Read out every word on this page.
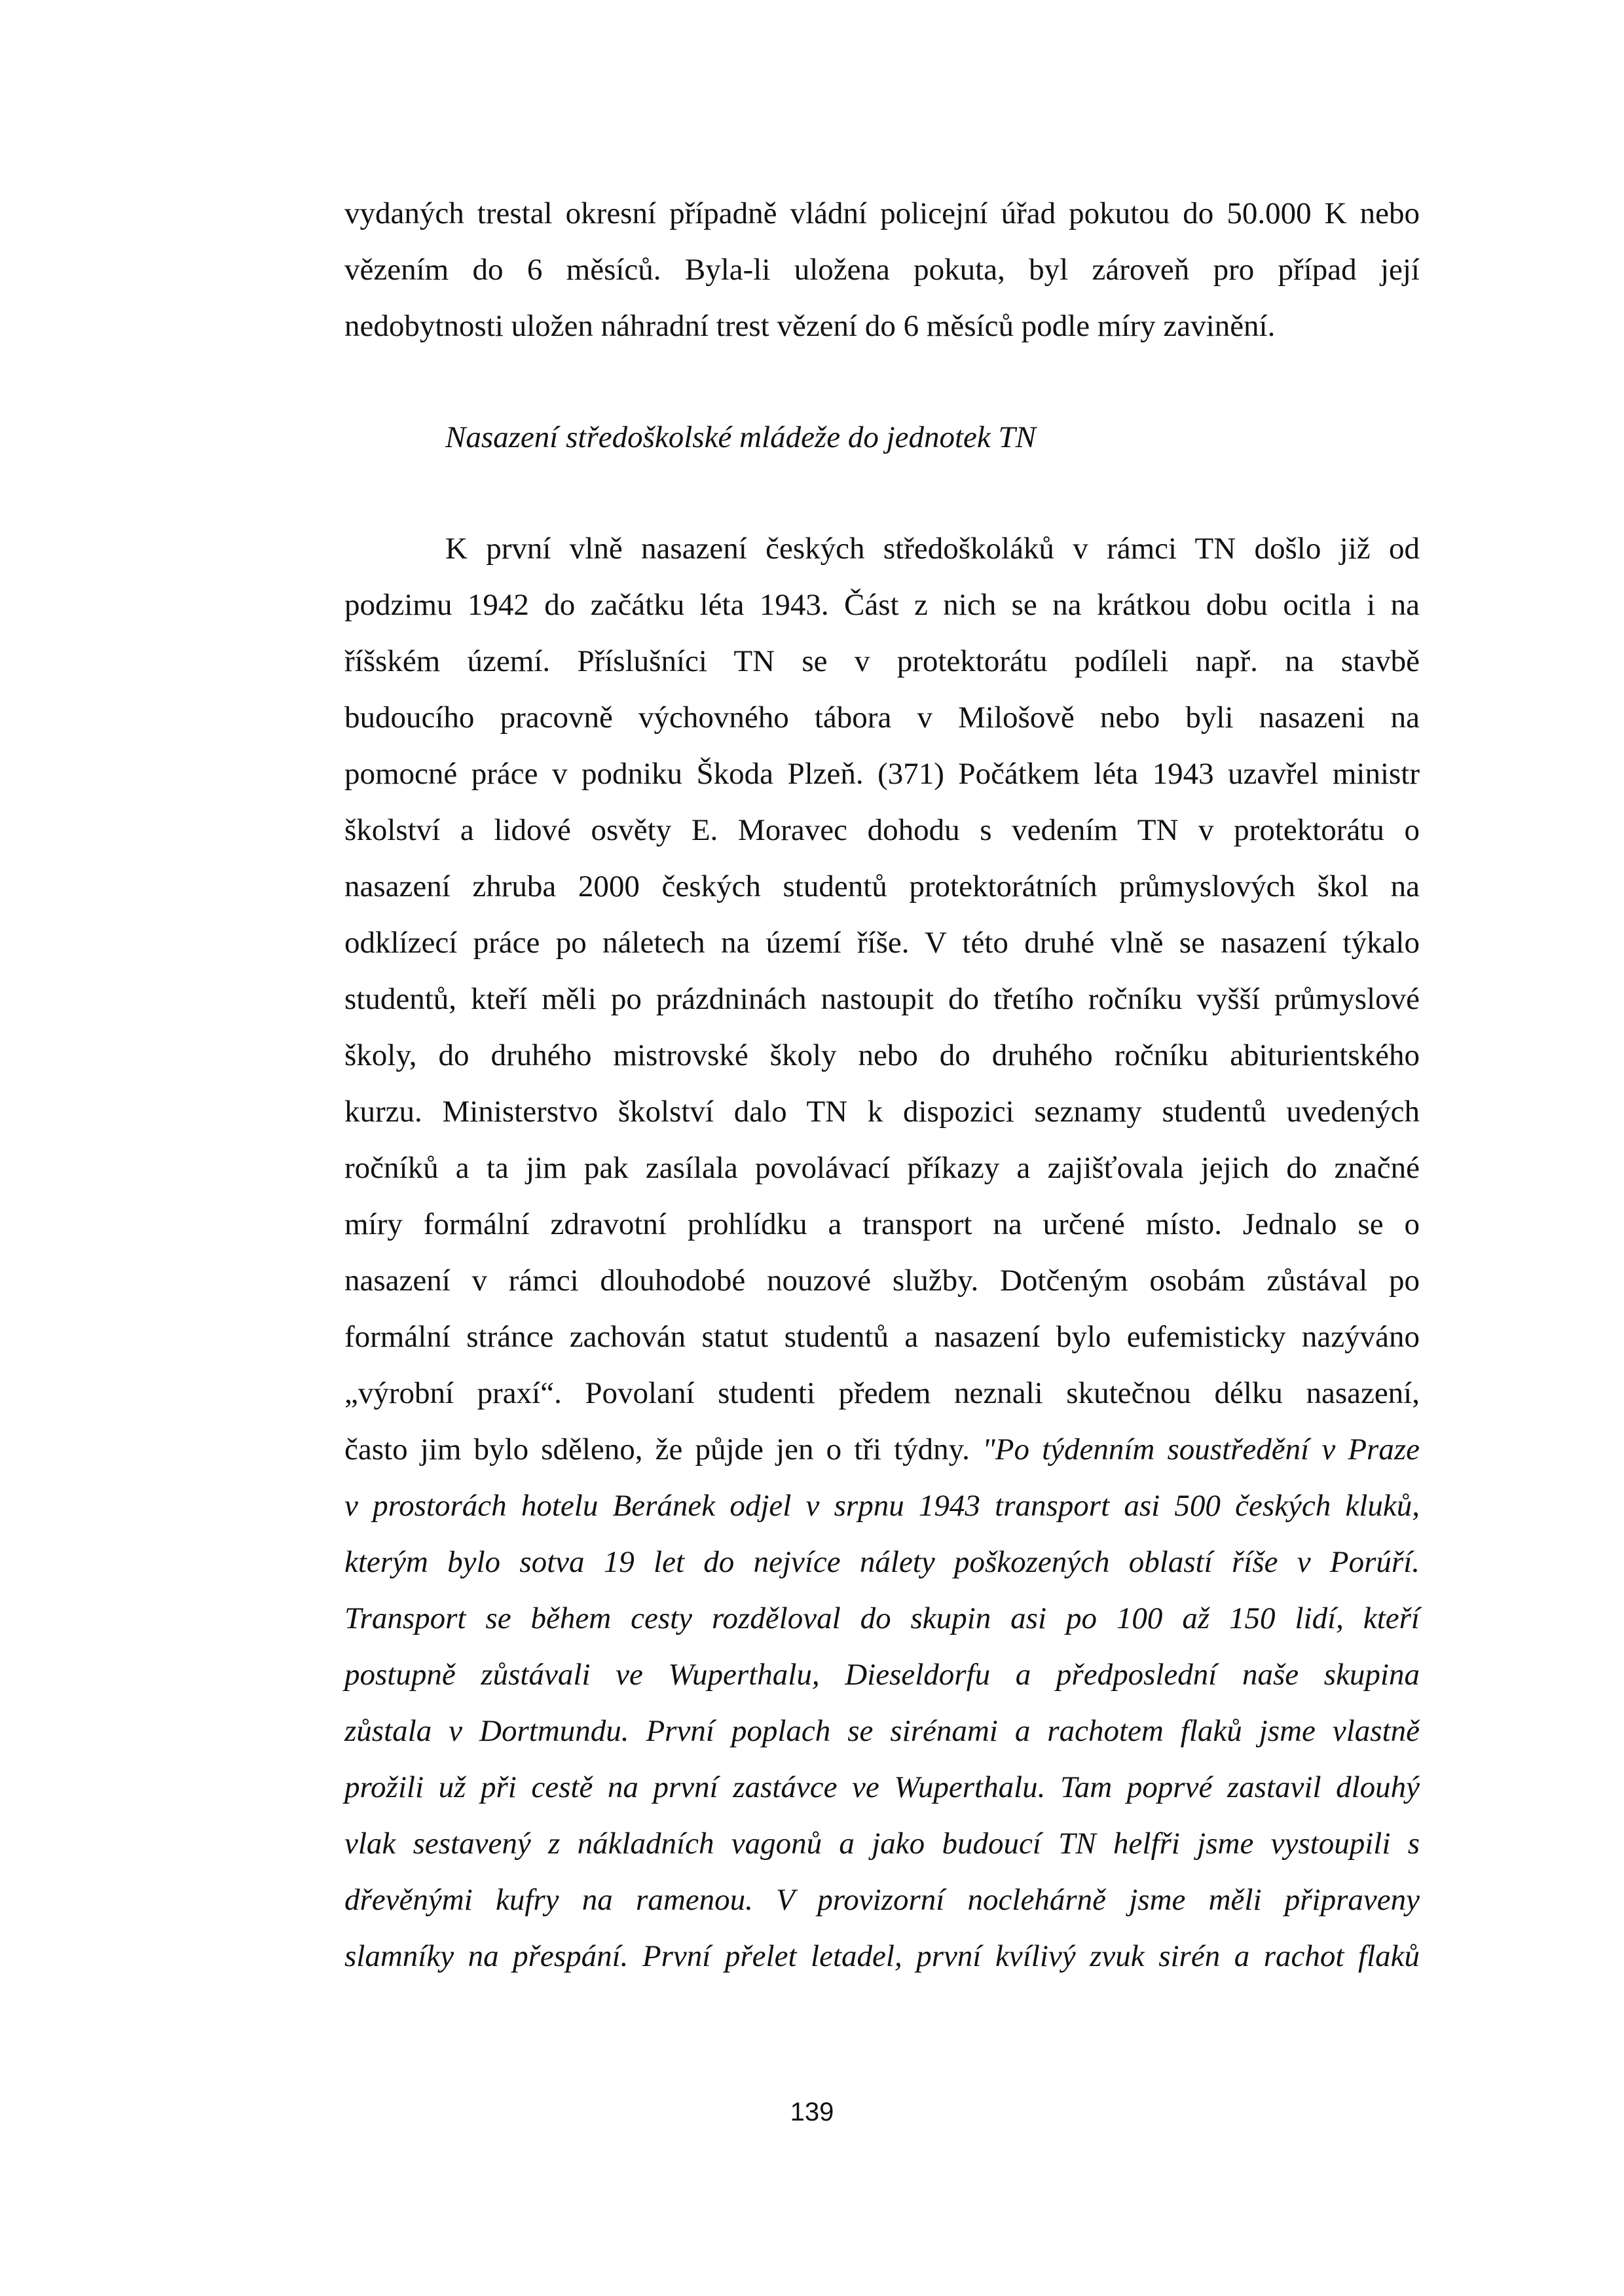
vydaných trestal okresní případně vládní policejní úřad pokutou do 50.000 K nebo
vězením do 6 měsíců. Byla-li uložena pokuta, byl zároveň pro případ její
nedobytnosti uložen náhradní trest vězení do 6 měsíců podle míry zavinění.
Nasazení středoškolské mládeže do jednotek TN
K první vlně nasazení českých středoškoláků v rámci TN došlo již od
podzimu 1942 do začátku léta 1943. Část z nich se na krátkou dobu ocitla i na
říšském území. Příslušníci TN se v protektorátu podíleli např. na stavbě
budoucího pracovně výchovného tábora v Milošově nebo byli nasazeni na
pomocné práce v podniku Škoda Plzeň. (371) Počátkem léta 1943 uzavřel ministr
školství a lidové osvěty E. Moravec dohodu s vedením TN v protektorátu o
nasazení zhruba 2000 českých studentů protektorátních průmyslových škol na
odklízecí práce po náletech na území říše. V této druhé vlně se nasazení týkalo
studentů, kteří měli po prázdninách nastoupit do třetího ročníku vyšší průmyslové
školy, do druhého mistrovské školy nebo do druhého ročníku abiturientského
kurzu. Ministerstvo školství dalo TN k dispozici seznamy studentů uvedených
ročníků a ta jim pak zasílala povolávací příkazy a zajišťovala jejich do značné
míry formální zdravotní prohlídku a transport na určené místo. Jednalo se o
nasazení v rámci dlouhodobé nouzové služby. Dotčeným osobám zůstával po
formální stránce zachován statut studentů a nasazení bylo eufemisticky nazýváno
„výrobní praxí“. Povolaní studenti předem neznali skutečnou délku nasazení,
často jim bylo sděleno, že půjde jen o tři týdny. "Po týdenním soustředění v Praze
v prostorách hotelu Beránek odjel v srpnu 1943 transport asi 500 českých kluků,
kterým bylo sotva 19 let do nejvíce nálety poškozených oblastí říše v Porúří.
Transport se během cesty rozděloval do skupin asi po 100 až 150 lidí, kteří
postupně zůstávali ve Wuperthalu, Dieseldorfu a předposlední naše skupina
zůstala v Dortmundu. První poplach se sirénami a rachotem flaků jsme vlastně
prožili už při cestě na první zastávce ve Wuperthalu. Tam poprvé zastavil dlouhý
vlak sestavený z nákladních vagonů a jako budoucí TN helfři jsme vystoupili s
dřevěnými kufry na ramenou. V provizorní noclehárně jsme měli připraveny
slamníky na přespání. První přelet letadel, první kvílivý zvuk sirén a rachot flaků
139
